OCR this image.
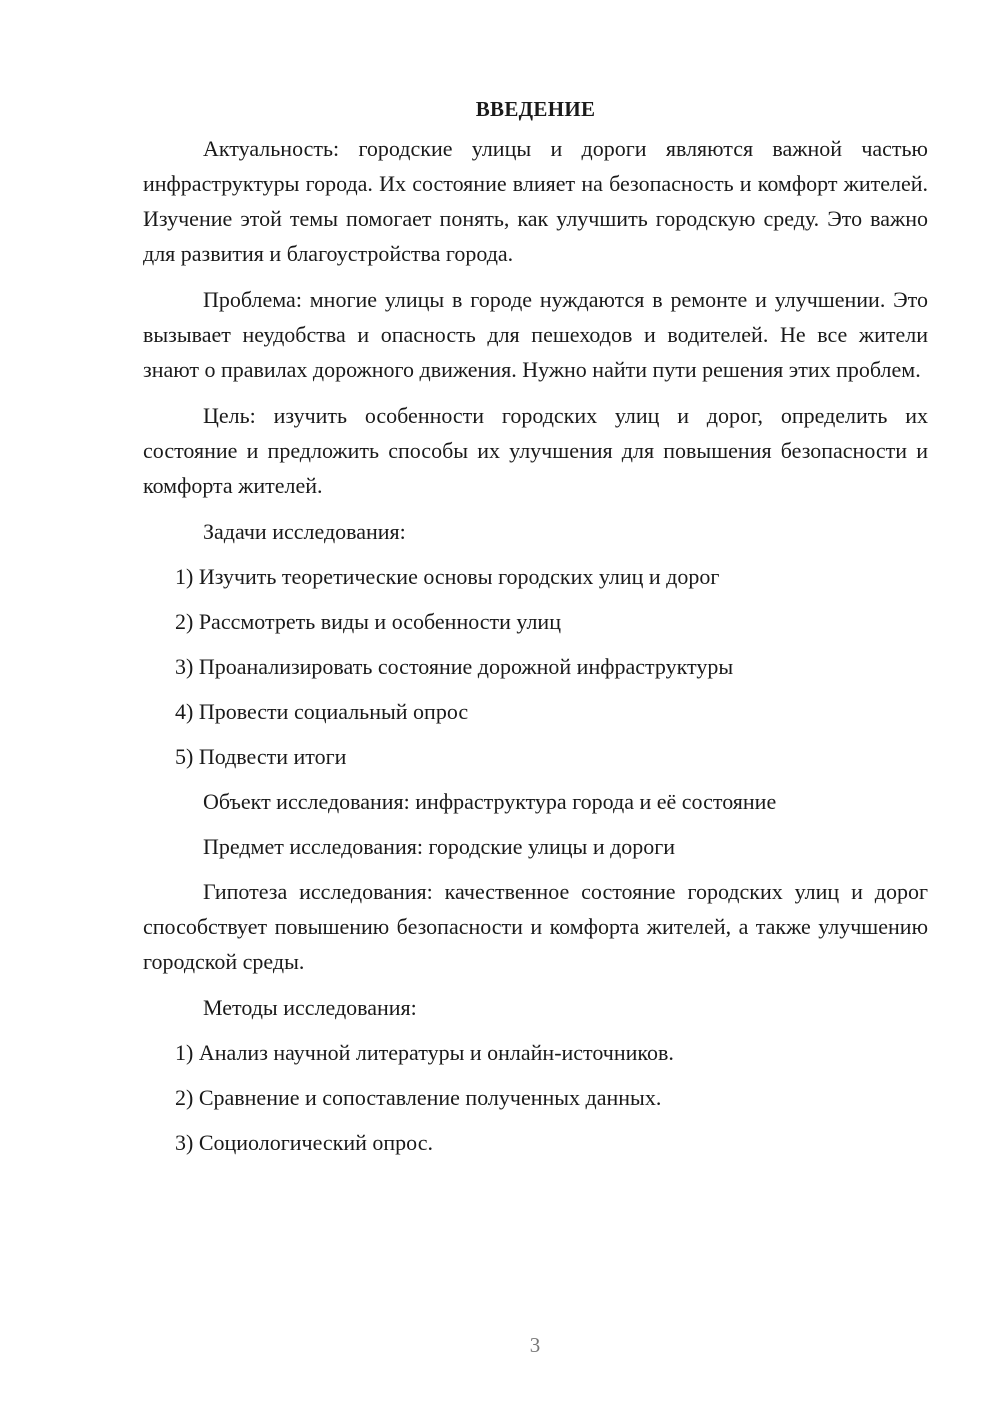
ВВЕДЕНИЕ

Актуальность: городские улицы и дороги являются важной частью инфраструктуры города. Их состояние влияет на безопасность и комфорт жителей. Изучение этой темы помогает понять, как улучшить городскую среду. Это важно для развития и благоустройства города.

Проблема: многие улицы в городе нуждаются в ремонте и улучшении. Это вызывает неудобства и опасность для пешеходов и водителей. Не все жители знают о правилах дорожного движения. Нужно найти пути решения этих проблем.

Цель: изучить особенности городских улиц и дорог, определить их состояние и предложить способы их улучшения для повышения безопасности и комфорта жителей.

Задачи исследования:
1) Изучить теоретические основы городских улиц и дорог
2) Рассмотреть виды и особенности улиц
3) Проанализировать состояние дорожной инфраструктуры
4) Провести социальный опрос
5) Подвести итоги
Объект исследования: инфраструктура города и её состояние
Предмет исследования: городские улицы и дороги

Гипотеза исследования: качественное состояние городских улиц и дорог способствует повышению безопасности и комфорта жителей, а также улучшению городской среды.

Методы исследования:
1) Анализ научной литературы и онлайн-источников.
2) Сравнение и сопоставление полученных данных.
3) Социологический опрос.
3
